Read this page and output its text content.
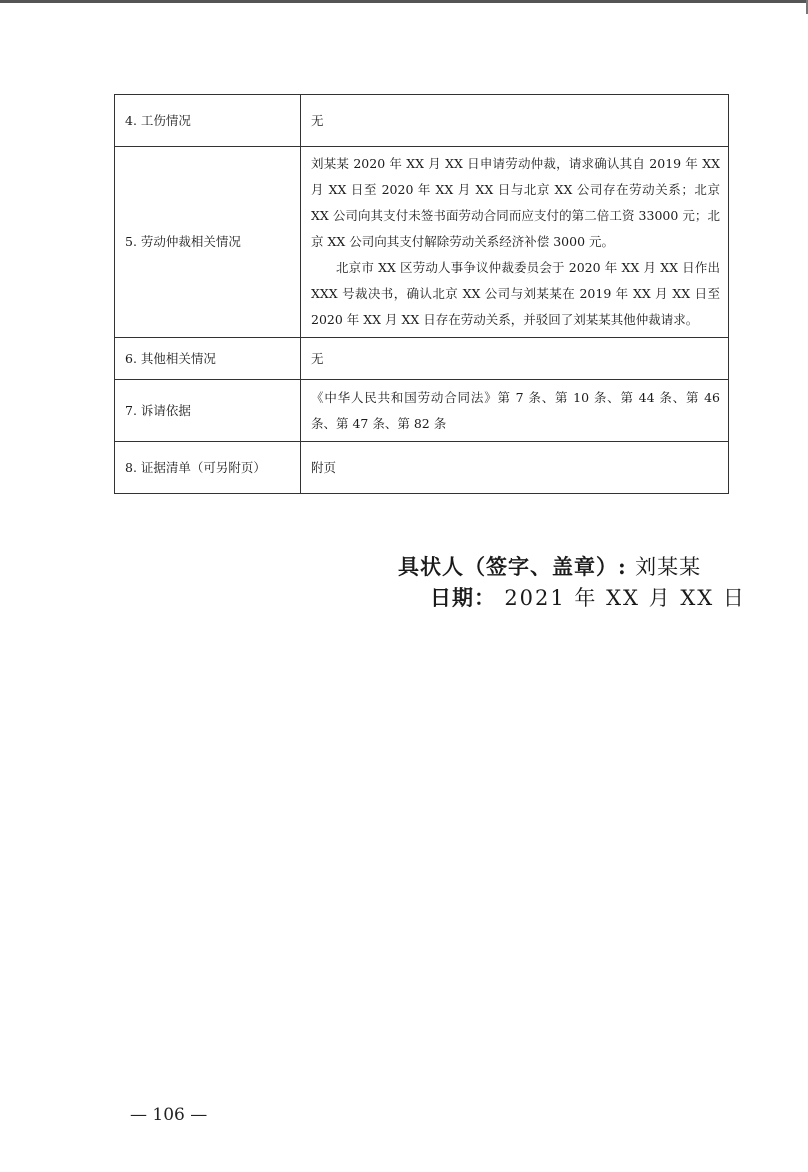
4. 工伤情况	无

5. 劳动仲裁相关情况	刘某某 2020 年 XX 月 XX 日申请劳动仲裁，请求确认其自 2019 年 XX 月 XX 日至 2020 年 XX 月 XX 日与北京 XX 公司存在劳动关系；北京 XX 公司向其支付未签书面劳动合同而应支付的第二倍工资 33000 元；北京 XX 公司向其支付解除劳动关系经济补偿 3000 元。

北京市 XX 区劳动人事争议仲裁委员会于 2020 年 XX 月 XX 日作出 XXX 号裁决书，确认北京 XX 公司与刘某某在 2019 年 XX 月 XX 日至 2020 年 XX 月 XX 日存在劳动关系，并驳回了刘某某其他仲裁请求。

6. 其他相关情况	无

7. 诉请依据	《中华人民共和国劳动合同法》第 7 条、第 10 条、第 44 条、第 46 条、第 47 条、第 82 条

8. 证据清单（可另附页）	附页

具状人（签字、盖章）: 刘某某
日期： 2021 年 XX 月 XX 日
— 106 —
